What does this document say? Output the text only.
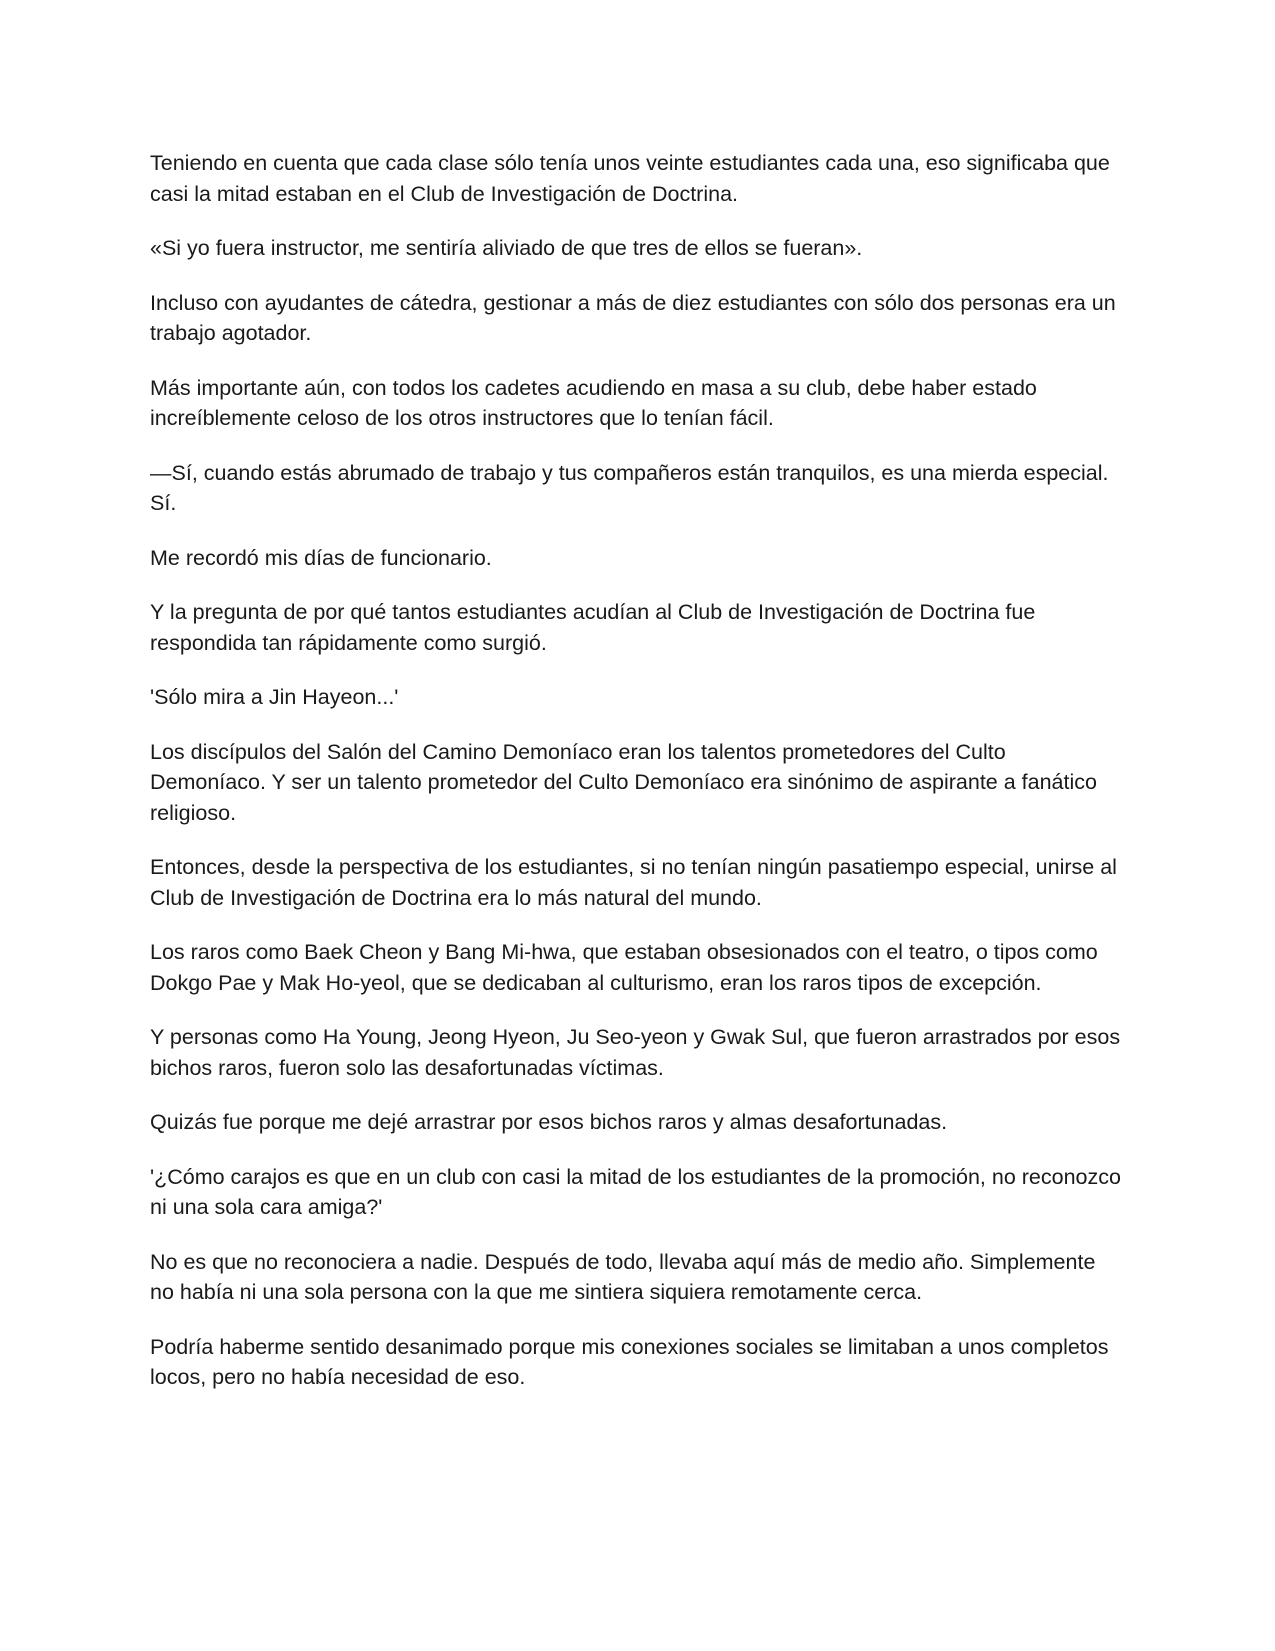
Teniendo en cuenta que cada clase sólo tenía unos veinte estudiantes cada una, eso significaba que casi la mitad estaban en el Club de Investigación de Doctrina.

«Si yo fuera instructor, me sentiría aliviado de que tres de ellos se fueran».

Incluso con ayudantes de cátedra, gestionar a más de diez estudiantes con sólo dos personas era un trabajo agotador.

Más importante aún, con todos los cadetes acudiendo en masa a su club, debe haber estado increíblemente celoso de los otros instructores que lo tenían fácil.

—Sí, cuando estás abrumado de trabajo y tus compañeros están tranquilos, es una mierda especial. Sí.

Me recordó mis días de funcionario.

Y la pregunta de por qué tantos estudiantes acudían al Club de Investigación de Doctrina fue respondida tan rápidamente como surgió.

'Sólo mira a Jin Hayeon...'

Los discípulos del Salón del Camino Demoníaco eran los talentos prometedores del Culto Demoníaco. Y ser un talento prometedor del Culto Demoníaco era sinónimo de aspirante a fanático religioso.

Entonces, desde la perspectiva de los estudiantes, si no tenían ningún pasatiempo especial, unirse al Club de Investigación de Doctrina era lo más natural del mundo.

Los raros como Baek Cheon y Bang Mi-hwa, que estaban obsesionados con el teatro, o tipos como Dokgo Pae y Mak Ho-yeol, que se dedicaban al culturismo, eran los raros tipos de excepción.

Y personas como Ha Young, Jeong Hyeon, Ju Seo-yeon y Gwak Sul, que fueron arrastrados por esos bichos raros, fueron solo las desafortunadas víctimas.

Quizás fue porque me dejé arrastrar por esos bichos raros y almas desafortunadas.

'¿Cómo carajos es que en un club con casi la mitad de los estudiantes de la promoción, no reconozco ni una sola cara amiga?'

No es que no reconociera a nadie. Después de todo, llevaba aquí más de medio año. Simplemente no había ni una sola persona con la que me sintiera siquiera remotamente cerca.

Podría haberme sentido desanimado porque mis conexiones sociales se limitaban a unos completos locos, pero no había necesidad de eso.
